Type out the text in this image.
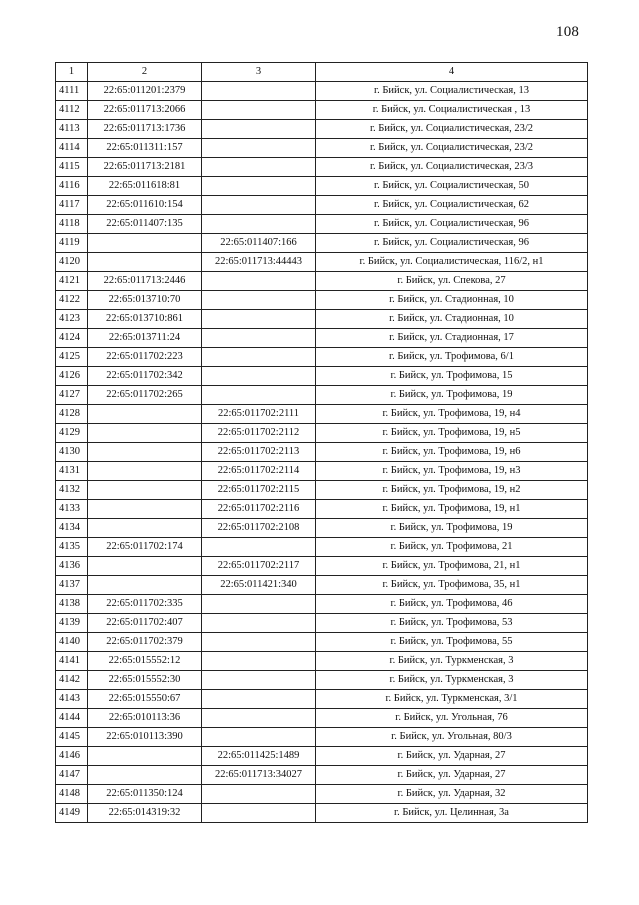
108
1	2	3	4
4111	22:65:011201:2379		г. Бийск, ул. Социалистическая, 13
4112	22:65:011713:2066		г. Бийск, ул. Социалистическая , 13
4113	22:65:011713:1736		г. Бийск, ул. Социалистическая, 23/2
4114	22:65:011311:157		г. Бийск, ул. Социалистическая, 23/2
4115	22:65:011713:2181		г. Бийск, ул. Социалистическая, 23/3
4116	22:65:011618:81		г. Бийск, ул. Социалистическая, 50
4117	22:65:011610:154		г. Бийск, ул. Социалистическая, 62
4118	22:65:011407:135		г. Бийск, ул. Социалистическая, 96
4119		22:65:011407:166	г. Бийск, ул. Социалистическая, 96
4120		22:65:011713:44443	г. Бийск, ул. Социалистическая, 116/2, н1
4121	22:65:011713:2446		г. Бийск, ул. Спекова, 27
4122	22:65:013710:70		г. Бийск, ул. Стадионная, 10
4123	22:65:013710:861		г. Бийск, ул. Стадионная, 10
4124	22:65:013711:24		г. Бийск, ул. Стадионная, 17
4125	22:65:011702:223		г. Бийск, ул. Трофимова, 6/1
4126	22:65:011702:342		г. Бийск, ул. Трофимова, 15
4127	22:65:011702:265		г. Бийск, ул. Трофимова, 19
4128		22:65:011702:2111	г. Бийск, ул. Трофимова, 19, н4
4129		22:65:011702:2112	г. Бийск, ул. Трофимова, 19, н5
4130		22:65:011702:2113	г. Бийск, ул. Трофимова, 19, н6
4131		22:65:011702:2114	г. Бийск, ул. Трофимова, 19, н3
4132		22:65:011702:2115	г. Бийск, ул. Трофимова, 19, н2
4133		22:65:011702:2116	г. Бийск, ул. Трофимова, 19, н1
4134		22:65:011702:2108	г. Бийск, ул. Трофимова, 19
4135	22:65:011702:174		г. Бийск, ул. Трофимова, 21
4136		22:65:011702:2117	г. Бийск, ул. Трофимова, 21, н1
4137		22:65:011421:340	г. Бийск, ул. Трофимова, 35, н1
4138	22:65:011702:335		г. Бийск, ул. Трофимова, 46
4139	22:65:011702:407		г. Бийск, ул. Трофимова, 53
4140	22:65:011702:379		г. Бийск, ул. Трофимова, 55
4141	22:65:015552:12		г. Бийск, ул. Туркменская, 3
4142	22:65:015552:30		г. Бийск, ул. Туркменская, 3
4143	22:65:015550:67		г. Бийск, ул. Туркменская, 3/1
4144	22:65:010113:36		г. Бийск, ул. Угольная, 76
4145	22:65:010113:390		г. Бийск, ул. Угольная, 80/3
4146		22:65:011425:1489	г. Бийск, ул. Ударная, 27
4147		22:65:011713:34027	г. Бийск, ул. Ударная, 27
4148	22:65:011350:124		г. Бийск, ул. Ударная, 32
4149	22:65:014319:32		г. Бийск, ул. Целинная, 3а
